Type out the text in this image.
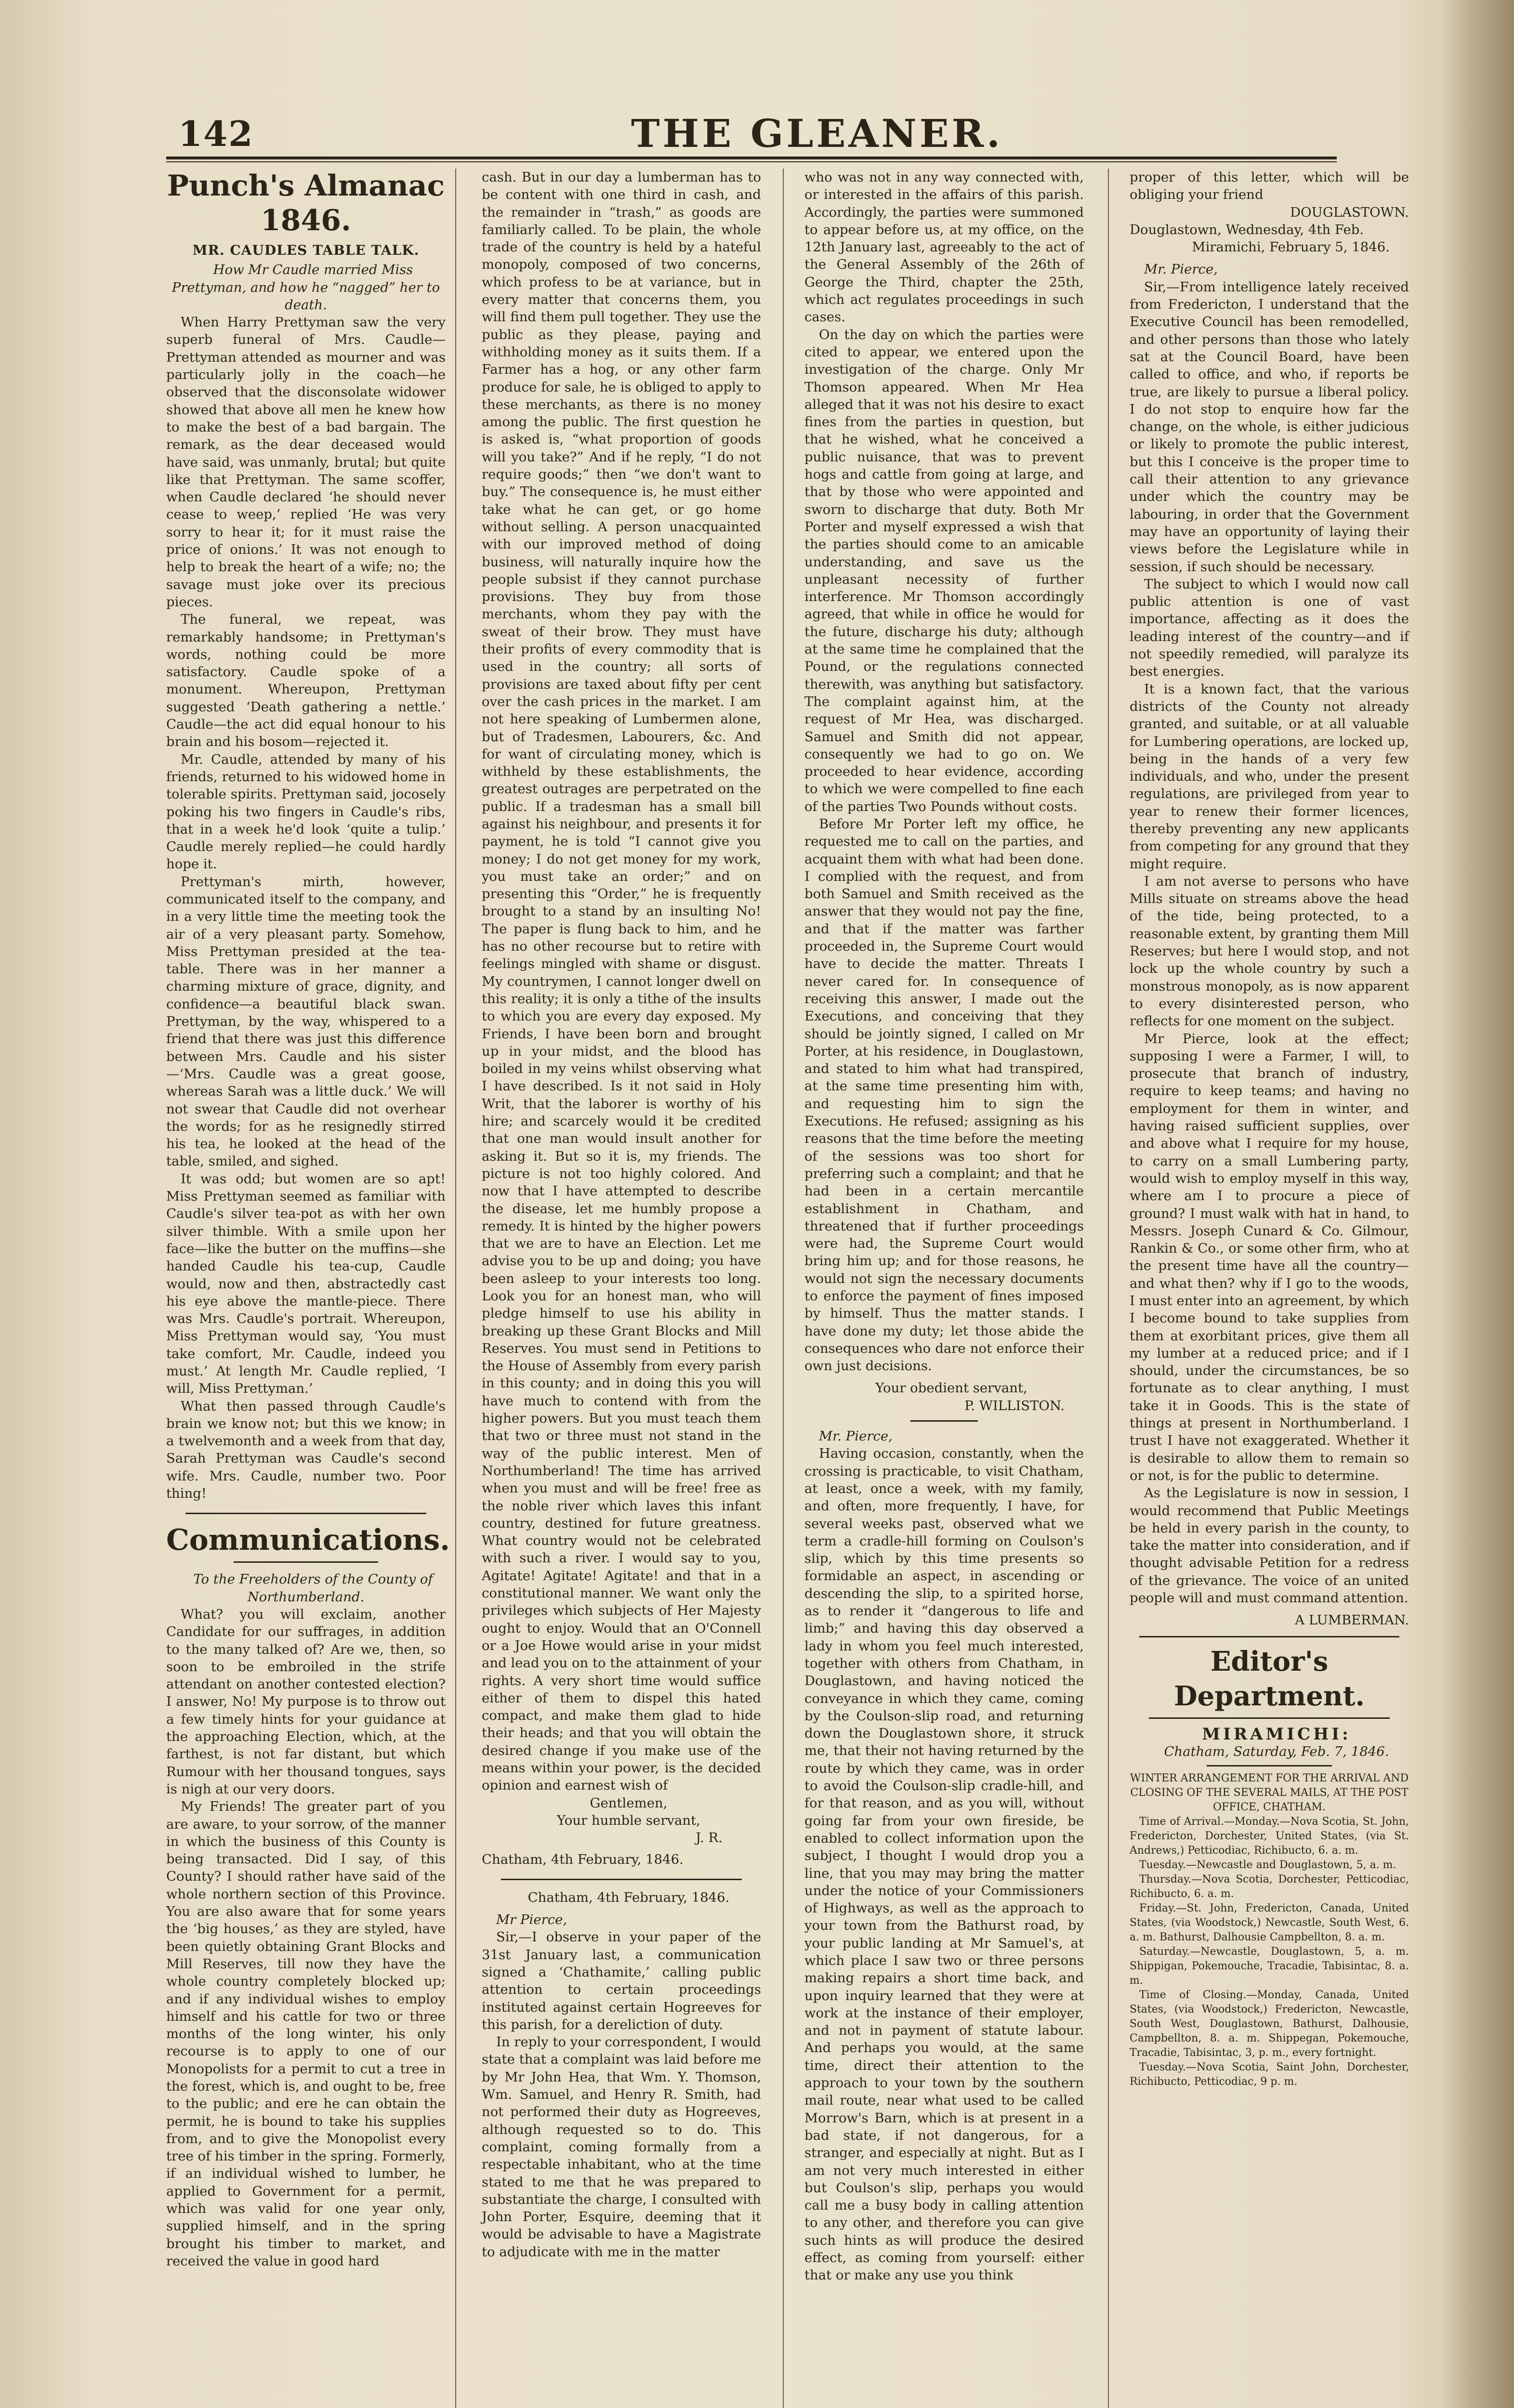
142	THE GLEANER.
Punch's Almanac 1846.
MR. CAUDLES TABLE TALK.

How Mr Caudle married Miss Prettyman, and how he “nagged” her to death.

When Harry Prettyman saw the very superb funeral of Mrs. Caudle—Prettyman attended as mourner and was particularly jolly in the coach—he observed that the disconsolate widower showed that above all men he knew how to make the best of a bad bargain. The remark, as the dear deceased would have said, was unmanly, brutal; but quite like that Prettyman. The same scoffer, when Caudle declared ‘he should never cease to weep,’ replied ‘He was very sorry to hear it; for it must raise the price of onions.’ It was not enough to help to break the heart of a wife; no; the savage must joke over its precious pieces.

The funeral, we repeat, was remarkably handsome; in Prettyman's words, nothing could be more satisfactory. Caudle spoke of a monument. Whereupon, Prettyman suggested ‘Death gathering a nettle.’ Caudle—the act did equal honour to his brain and his bosom—rejected it.

Mr. Caudle, attended by many of his friends, returned to his widowed home in tolerable spirits. Prettyman said, jocosely poking his two fingers in Caudle's ribs, that in a week he'd look ‘quite a tulip.’ Caudle merely replied—he could hardly hope it.

Prettyman's mirth, however, communicated itself to the company, and in a very little time the meeting took the air of a very pleasant party. Somehow, Miss Prettyman presided at the tea-table. There was in her manner a charming mixture of grace, dignity, and confidence—a beautiful black swan. Prettyman, by the way, whispered to a friend that there was just this difference between Mrs. Caudle and his sister—‘Mrs. Caudle was a great goose, whereas Sarah was a little duck.’ We will not swear that Caudle did not overhear the words; for as he resignedly stirred his tea, he looked at the head of the table, smiled, and sighed.

It was odd; but women are so apt! Miss Prettyman seemed as familiar with Caudle's silver tea-pot as with her own silver thimble. With a smile upon her face—like the butter on the muffins—she handed Caudle his tea-cup, Caudle would, now and then, abstractedly cast his eye above the mantle-piece. There was Mrs. Caudle's portrait. Whereupon, Miss Prettyman would say, ‘You must take comfort, Mr. Caudle, indeed you must.’ At length Mr. Caudle replied, ‘I will, Miss Prettyman.’

What then passed through Caudle's brain we know not; but this we know; in a twelvemonth and a week from that day, Sarah Prettyman was Caudle's second wife. Mrs. Caudle, number two. Poor thing!

Communications.

To the Freeholders of the County of Northumberland.

What? you will exclaim, another Candidate for our suffrages, in addition to the many talked of? Are we, then, so soon to be embroiled in the strife attendant on another contested election? I answer, No! My purpose is to throw out a few timely hints for your guidance at the approaching Election, which, at the farthest, is not far distant, but which Rumour with her thousand tongues, says is nigh at our very doors.

My Friends! The greater part of you are aware, to your sorrow, of the manner in which the business of this County is being transacted. Did I say, of this County? I should rather have said of the whole northern section of this Province. You are also aware that for some years the ‘big houses,’ as they are styled, have been quietly obtaining Grant Blocks and Mill Reserves, till now they have the whole country completely blocked up; and if any individual wishes to employ himself and his cattle for two or three months of the long winter, his only recourse is to apply to one of our Monopolists for a permit to cut a tree in the forest, which is, and ought to be, free to the public; and ere he can obtain the permit, he is bound to take his supplies from, and to give the Monopolist every tree of his timber in the spring. Formerly, if an individual wished to lumber, he applied to Government for a permit, which was valid for one year only, supplied himself, and in the spring brought his timber to market, and received the value in good hard

cash. But in our day a lumberman has to be content with one third in cash, and the remainder in “trash,” as goods are familiarly called. To be plain, the whole trade of the country is held by a hateful monopoly, composed of two concerns, which profess to be at variance, but in every matter that concerns them, you will find them pull together. They use the public as they please, paying and withholding money as it suits them. If a Farmer has a hog, or any other farm produce for sale, he is obliged to apply to these merchants, as there is no money among the public. The first question he is asked is, “what proportion of goods will you take?” And if he reply, “I do not require goods;” then “we don't want to buy.” The consequence is, he must either take what he can get, or go home without selling. A person unacquainted with our improved method of doing business, will naturally inquire how the people subsist if they cannot purchase provisions. They buy from those merchants, whom they pay with the sweat of their brow. They must have their profits of every commodity that is used in the country; all sorts of provisions are taxed about fifty per cent over the cash prices in the market. I am not here speaking of Lumbermen alone, but of Tradesmen, Labourers, &c. And for want of circulating money, which is withheld by these establishments, the greatest outrages are perpetrated on the public. If a tradesman has a small bill against his neighbour, and presents it for payment, he is told “I cannot give you money; I do not get money for my work, you must take an order;” and on presenting this “Order,” he is frequently brought to a stand by an insulting No! The paper is flung back to him, and he has no other recourse but to retire with feelings mingled with shame or disgust. My countrymen, I cannot longer dwell on this reality; it is only a tithe of the insults to which you are every day exposed. My Friends, I have been born and brought up in your midst, and the blood has boiled in my veins whilst observing what I have described. Is it not said in Holy Writ, that the laborer is worthy of his hire; and scarcely would it be credited that one man would insult another for asking it. But so it is, my friends. The picture is not too highly colored. And now that I have attempted to describe the disease, let me humbly propose a remedy. It is hinted by the higher powers that we are to have an Election. Let me advise you to be up and doing; you have been asleep to your interests too long. Look you for an honest man, who will pledge himself to use his ability in breaking up these Grant Blocks and Mill Reserves. You must send in Petitions to the House of Assembly from every parish in this county; and in doing this you will have much to contend with from the higher powers. But you must teach them that two or three must not stand in the way of the public interest. Men of Northumberland! The time has arrived when you must and will be free! free as the noble river which laves this infant country, destined for future greatness. What country would not be celebrated with such a river. I would say to you, Agitate! Agitate! Agitate! and that in a constitutional manner. We want only the privileges which subjects of Her Majesty ought to enjoy. Would that an O'Connell or a Joe Howe would arise in your midst and lead you on to the attainment of your rights. A very short time would suffice either of them to dispel this hated compact, and make them glad to hide their heads; and that you will obtain the desired change if you make use of the means within your power, is the decided opinion and earnest wish of

Gentlemen,

Your humble servant,

J. R.

Chatham, 4th February, 1846.

Chatham, 4th February, 1846.

Mr Pierce,

Sir,—I observe in your paper of the 31st January last, a communication signed a ‘Chathamite,’ calling public attention to certain proceedings instituted against certain Hogreeves for this parish, for a dereliction of duty.

In reply to your correspondent, I would state that a complaint was laid before me by Mr John Hea, that Wm. Y. Thomson, Wm. Samuel, and Henry R. Smith, had not performed their duty as Hogreeves, although requested so to do. This complaint, coming formally from a respectable inhabitant, who at the time stated to me that he was prepared to substantiate the charge, I consulted with John Porter, Esquire, deeming that it would be advisable to have a Magistrate to adjudicate with me in the matter

who was not in any way connected with, or interested in the affairs of this parish. Accordingly, the parties were summoned to appear before us, at my office, on the 12th January last, agreeably to the act of the General Assembly of the 26th of George the Third, chapter the 25th, which act regulates proceedings in such cases.

On the day on which the parties were cited to appear, we entered upon the investigation of the charge. Only Mr Thomson appeared. When Mr Hea alleged that it was not his desire to exact fines from the parties in question, but that he wished, what he conceived a public nuisance, that was to prevent hogs and cattle from going at large, and that by those who were appointed and sworn to discharge that duty. Both Mr Porter and myself expressed a wish that the parties should come to an amicable understanding, and save us the unpleasant necessity of further interference. Mr Thomson accordingly agreed, that while in office he would for the future, discharge his duty; although at the same time he complained that the Pound, or the regulations connected therewith, was anything but satisfactory. The complaint against him, at the request of Mr Hea, was discharged. Samuel and Smith did not appear, consequently we had to go on. We proceeded to hear evidence, according to which we were compelled to fine each of the parties Two Pounds without costs.

Before Mr Porter left my office, he requested me to call on the parties, and acquaint them with what had been done. I complied with the request, and from both Samuel and Smith received as the answer that they would not pay the fine, and that if the matter was farther proceeded in, the Supreme Court would have to decide the matter. Threats I never cared for. In consequence of receiving this answer, I made out the Executions, and conceiving that they should be jointly signed, I called on Mr Porter, at his residence, in Douglastown, and stated to him what had transpired, at the same time presenting him with, and requesting him to sign the Executions. He refused; assigning as his reasons that the time before the meeting of the sessions was too short for preferring such a complaint; and that he had been in a certain mercantile establishment in Chatham, and threatened that if further proceedings were had, the Supreme Court would bring him up; and for those reasons, he would not sign the necessary documents to enforce the payment of fines imposed by himself. Thus the matter stands. I have done my duty; let those abide the consequences who dare not enforce their own just decisions.

Your obedient servant,

P. WILLISTON.

Mr. Pierce,

Having occasion, constantly, when the crossing is practicable, to visit Chatham, at least, once a week, with my family, and often, more frequently, I have, for several weeks past, observed what we term a cradle-hill forming on Coulson's slip, which by this time presents so formidable an aspect, in ascending or descending the slip, to a spirited horse, as to render it “dangerous to life and limb;” and having this day observed a lady in whom you feel much interested, together with others from Chatham, in Douglastown, and having noticed the conveyance in which they came, coming by the Coulson-slip road, and returning down the Douglastown shore, it struck me, that their not having returned by the route by which they came, was in order to avoid the Coulson-slip cradle-hill, and for that reason, and as you will, without going far from your own fireside, be enabled to collect information upon the subject, I thought I would drop you a line, that you may may bring the matter under the notice of your Commissioners of Highways, as well as the approach to your town from the Bathurst road, by your public landing at Mr Samuel's, at which place I saw two or three persons making repairs a short time back, and upon inquiry learned that they were at work at the instance of their employer, and not in payment of statute labour. And perhaps you would, at the same time, direct their attention to the approach to your town by the southern mail route, near what used to be called Morrow's Barn, which is at present in a bad state, if not dangerous, for a stranger, and especially at night. But as I am not very much interested in either but Coulson's slip, perhaps you would call me a busy body in calling attention to any other, and therefore you can give such hints as will produce the desired effect, as coming from yourself: either that or make any use you think

proper of this letter, which will be obliging your friend

DOUGLASTOWN.

Douglastown, Wednesday, 4th Feb.

Miramichi, February 5, 1846.

Mr. Pierce,

Sir,—From intelligence lately received from Fredericton, I understand that the Executive Council has been remodelled, and other persons than those who lately sat at the Council Board, have been called to office, and who, if reports be true, are likely to pursue a liberal policy. I do not stop to enquire how far the change, on the whole, is either judicious or likely to promote the public interest, but this I conceive is the proper time to call their attention to any grievance under which the country may be labouring, in order that the Government may have an opportunity of laying their views before the Legislature while in session, if such should be necessary.

The subject to which I would now call public attention is one of vast importance, affecting as it does the leading interest of the country—and if not speedily remedied, will paralyze its best energies.

It is a known fact, that the various districts of the County not already granted, and suitable, or at all valuable for Lumbering operations, are locked up, being in the hands of a very few individuals, and who, under the present regulations, are privileged from year to year to renew their former licences, thereby preventing any new applicants from competing for any ground that they might require.

I am not averse to persons who have Mills situate on streams above the head of the tide, being protected, to a reasonable extent, by granting them Mill Reserves; but here I would stop, and not lock up the whole country by such a monstrous monopoly, as is now apparent to every disinterested person, who reflects for one moment on the subject.

Mr Pierce, look at the effect; supposing I were a Farmer, I will, to prosecute that branch of industry, require to keep teams; and having no employment for them in winter, and having raised sufficient supplies, over and above what I require for my house, to carry on a small Lumbering party, would wish to employ myself in this way, where am I to procure a piece of ground? I must walk with hat in hand, to Messrs. Joseph Cunard & Co. Gilmour, Rankin & Co., or some other firm, who at the present time have all the country—and what then? why if I go to the woods, I must enter into an agreement, by which I become bound to take supplies from them at exorbitant prices, give them all my lumber at a reduced price; and if I should, under the circumstances, be so fortunate as to clear anything, I must take it in Goods. This is the state of things at present in Northumberland. I trust I have not exaggerated. Whether it is desirable to allow them to remain so or not, is for the public to determine.

As the Legislature is now in session, I would recommend that Public Meetings be held in every parish in the county, to take the matter into consideration, and if thought advisable Petition for a redress of the grievance. The voice of an united people will and must command attention.

A LUMBERMAN.

Editor's Department.

MIRAMICHI:

Chatham, Saturday, Feb. 7, 1846.

WINTER ARRANGEMENT FOR THE ARRIVAL AND CLOSING OF THE SEVERAL MAILS, AT THE POST OFFICE, CHATHAM.

Time of Arrival.—Monday.—Nova Scotia, St. John, Fredericton, Dorchester, United States, (via St. Andrews,) Petticodiac, Richibucto, 6. a. m.

Tuesday.—Newcastle and Douglastown, 5, a. m.

Thursday.—Nova Scotia, Dorchester, Petticodiac, Richibucto, 6. a. m.

Friday.—St. John, Fredericton, Canada, United States, (via Woodstock,) Newcastle, South West, 6. a. m. Bathurst, Dalhousie Campbellton, 8. a. m.

Saturday.—Newcastle, Douglastown, 5, a. m. Shippigan, Pokemouche, Tracadie, Tabisintac, 8. a. m.

Time of Closing.—Monday, Canada, United States, (via Woodstock,) Fredericton, Newcastle, South West, Douglastown, Bathurst, Dalhousie, Campbellton, 8. a. m. Shippegan, Pokemouche, Tracadie, Tabisintac, 3, p. m., every fortnight.

Tuesday.—Nova Scotia, Saint John, Dorchester, Richibucto, Petticodiac, 9 p. m.
